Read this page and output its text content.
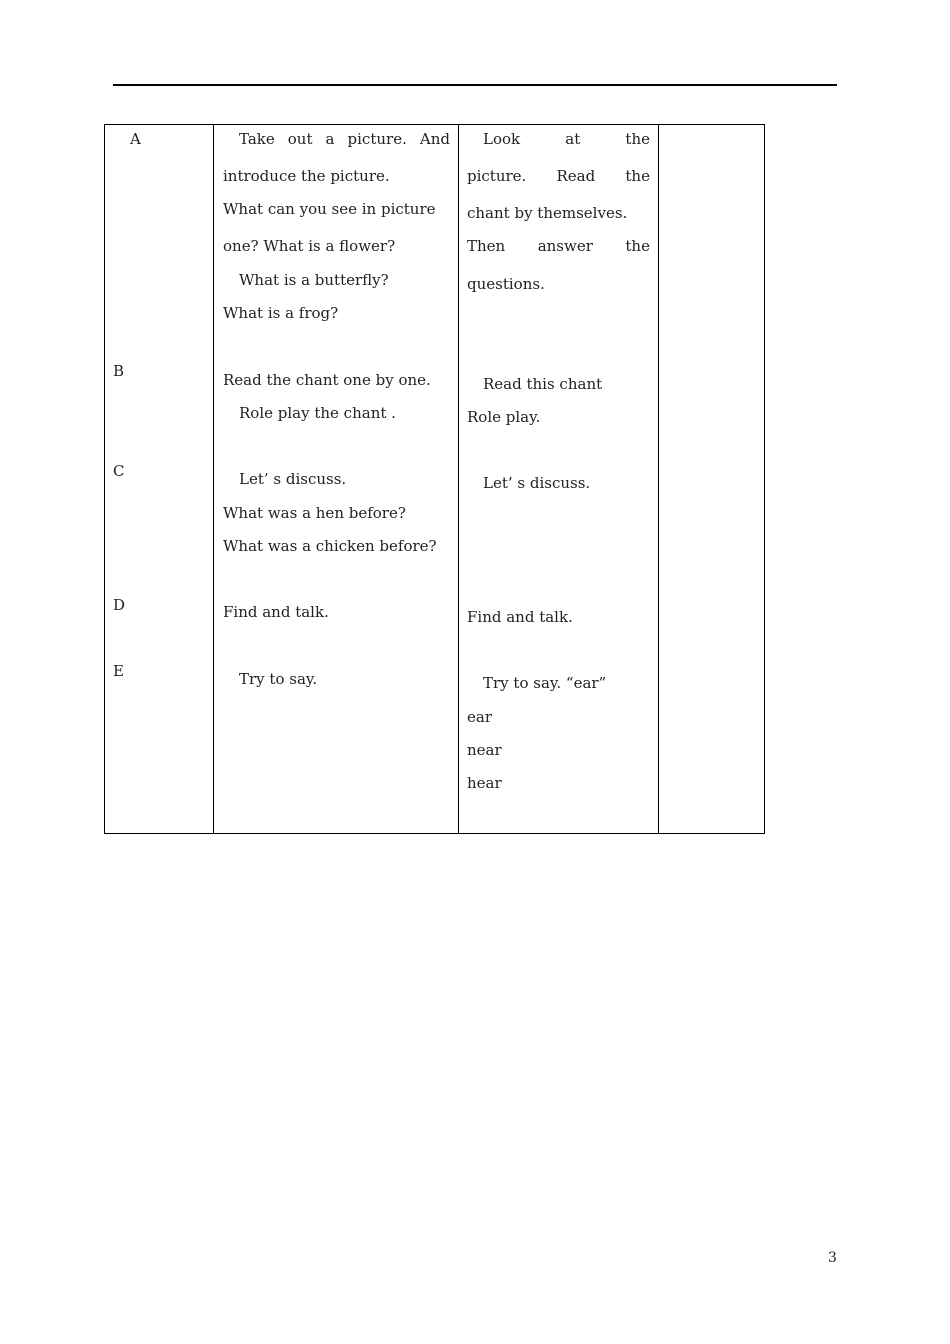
A
B
C
D
E
Take out a picture. And
introduce the picture.
What can you see in picture
one? What is a flower?
What is a butterfly?
What is a frog?
Read the chant one by one.
Role play the chant .
Let’ s discuss.
What was a hen before?
What was a chicken before?
Find and talk.
Try to say.
Look	at	the
picture. Read the
chant by themselves.
Then answer the
questions.
Read this chant
Role play.
Let’ s discuss.
Find and talk.
Try to say. “ear”
ear
near
hear
3
